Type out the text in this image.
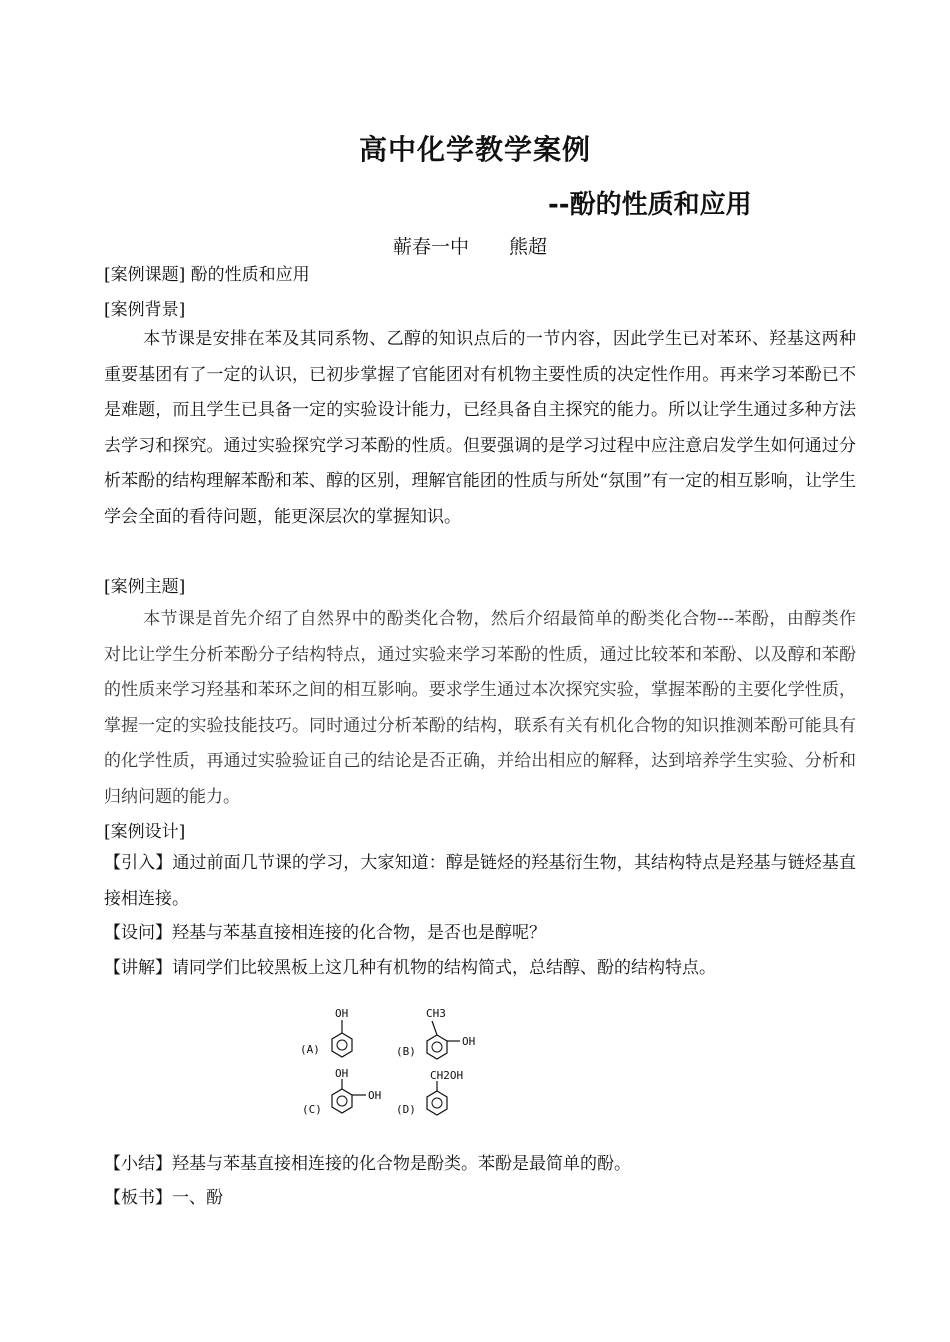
高中化学教学案例
--酚的性质和应用
蕲春一中 熊超

[案例课题] 酚的性质和应用

[案例背景]

本节课是安排在苯及其同系物、乙醇的知识点后的一节内容，因此学生已对苯环、羟基这两种重要基团有了一定的认识，已初步掌握了官能团对有机物主要性质的决定性作用。再来学习苯酚已不是难题，而且学生已具备一定的实验设计能力，已经具备自主探究的能力。所以让学生通过多种方法去学习和探究。通过实验探究学习苯酚的性质。但要强调的是学习过程中应注意启发学生如何通过分析苯酚的结构理解苯酚和苯、醇的区别，理解官能团的性质与所处“氛围”有一定的相互影响，让学生学会全面的看待问题，能更深层次的掌握知识。

[案例主题]

本节课是首先介绍了自然界中的酚类化合物，然后介绍最简单的酚类化合物---苯酚，由醇类作对比让学生分析苯酚分子结构特点，通过实验来学习苯酚的性质，通过比较苯和苯酚、以及醇和苯酚的性质来学习羟基和苯环之间的相互影响。要求学生通过本次探究实验，掌握苯酚的主要化学性质，掌握一定的实验技能技巧。同时通过分析苯酚的结构，联系有关有机化合物的知识推测苯酚可能具有的化学性质，再通过实验验证自己的结论是否正确，并给出相应的解释，达到培养学生实验、分析和归纳问题的能力。

[案例设计]

【引入】通过前面几节课的学习，大家知道：醇是链烃的羟基衍生物，其结构特点是羟基与链烃基直接相连接。

【设问】羟基与苯基直接相连接的化合物，是否也是醇呢？

【讲解】请同学们比较黑板上这几种有机物的结构简式，总结醇、酚的结构特点。

(A)
OH
(B)
CH3
OH
(C)
OH
OH
(D)
CH2OH

【小结】羟基与苯基直接相连接的化合物是酚类。苯酚是最简单的酚。

【板书】一、酚
